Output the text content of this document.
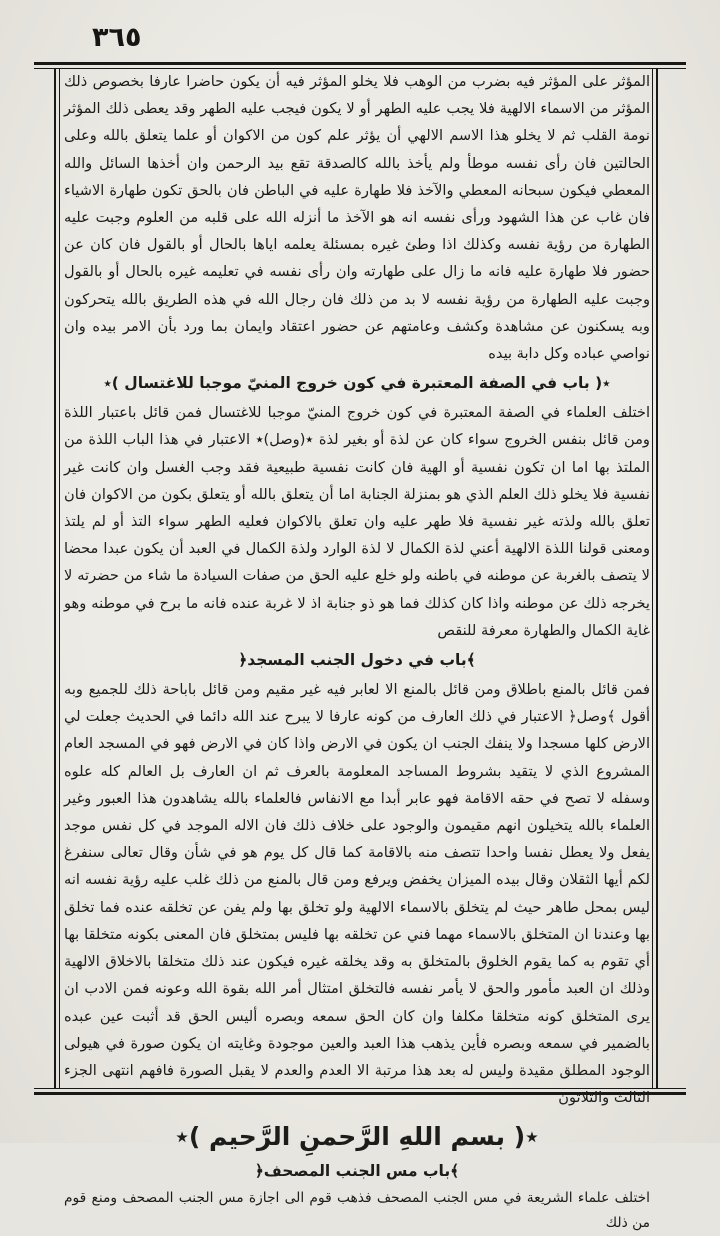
٣٦٥
المؤثر على المؤثر فيه بضرب من الوهب فلا يخلو المؤثر فيه أن يكون حاضرا عارفا بخصوص ذلك المؤثر من الاسماء الالهية فلا يجب عليه الطهر أو لا يكون فيجب عليه الطهر وقد يعطى ذلك المؤثر نومة القلب ثم لا يخلو هذا الاسم الالهي أن يؤثر علم كون من الاكوان أو علما يتعلق بالله وعلى الحالتين فان رأى نفسه موطأ ولم يأخذ بالله كالصدقة تقع بيد الرحمن وان أخذها السائل والله المعطي فيكون سبحانه المعطي والآخذ فلا طهارة عليه في الباطن فان بالحق تكون طهارة الاشياء فان غاب عن هذا الشهود ورأى نفسه انه هو الآخذ ما أنزله الله على قلبه من العلوم وجبت عليه الطهارة من رؤية نفسه وكذلك اذا وطئ غيره بمسئلة يعلمه اياها بالحال أو بالقول فان كان عن حضور فلا طهارة عليه فانه ما زال على طهارته وان رأى نفسه في تعليمه غيره بالحال أو بالقول وجبت عليه الطهارة من رؤية نفسه لا بد من ذلك فان رجال الله في هذه الطريق بالله يتحركون وبه يسكنون عن مشاهدة وكشف وعامتهم عن حضور اعتقاد وايمان بما ورد بأن الامر بيده وان نواصي عباده وكل دابة بيده
٭( باب في الصفة المعتبرة في كون خروج المنيّ موجبا للاغتسال )٭
اختلف العلماء في الصفة المعتبرة في كون خروج المنيّ موجبا للاغتسال فمن قائل باعتبار اللذة ومن قائل بنفس الخروج سواء كان عن لذة أو بغير لذة ٭(وصل)٭ الاعتبار في هذا الباب اللذة من الملتذ بها اما ان تكون نفسية أو الهية فان كانت نفسية طبيعية فقد وجب الغسل وان كانت غير نفسية فلا يخلو ذلك العلم الذي هو بمنزلة الجنابة اما أن يتعلق بالله أو يتعلق بكون من الاكوان فان تعلق بالله ولذته غير نفسية فلا طهر عليه وان تعلق بالاكوان فعليه الطهر سواء التذ أو لم يلتذ ومعنى قولنا اللذة الالهية أعني لذة الكمال لا لذة الوارد ولذة الكمال في العبد أن يكون عبدا محضا لا يتصف بالغربة عن موطنه في باطنه ولو خلع عليه الحق من صفات السيادة ما شاء من حضرته لا يخرجه ذلك عن موطنه واذا كان كذلك فما هو ذو جنابة اذ لا غربة عنده فانه ما برح في موطنه وهو غاية الكمال والطهارة معرفة للنقص
﴾باب في دخول الجنب المسجد﴿
فمن قائل بالمنع باطلاق ومن قائل بالمنع الا لعابر فيه غير مقيم ومن قائل باباحة ذلك للجميع وبه أقول ﴾وصل﴿ الاعتبار في ذلك العارف من كونه عارفا لا يبرح عند الله دائما في الحديث جعلت لي الارض كلها مسجدا ولا ينفك الجنب ان يكون في الارض واذا كان في الارض فهو في المسجد العام المشروع الذي لا يتقيد بشروط المساجد المعلومة بالعرف ثم ان العارف بل العالم كله علوه وسفله لا تصح في حقه الاقامة فهو عابر أبدا مع الانفاس فالعلماء بالله يشاهدون هذا العبور وغير العلماء بالله يتخيلون انهم مقيمون والوجود على خلاف ذلك فان الاله الموجد في كل نفس موجد يفعل ولا يعطل نفسا واحدا تتصف منه بالاقامة كما قال كل يوم هو في شأن وقال تعالى سنفرغ لكم أيها الثقلان وقال بيده الميزان يخفض ويرفع ومن قال بالمنع من ذلك غلب عليه رؤية نفسه انه ليس بمحل طاهر حيث لم يتخلق بالاسماء الالهية ولو تخلق بها ولم يفن عن تخلقه عنده فما تخلق بها وعندنا ان المتخلق بالاسماء مهما فني عن تخلقه بها فليس بمتخلق فان المعنى بكونه متخلقا بها أي تقوم به كما يقوم الخلوق بالمتخلق به وقد يخلقه غيره فيكون عند ذلك متخلقا بالاخلاق الالهية وذلك ان العبد مأمور والحق لا يأمر نفسه فالتخلق امتثال أمر الله بقوة الله وعونه فمن الادب ان يرى المتخلق كونه متخلقا مكلفا وان كان الحق سمعه وبصره أليس الحق قد أثبت عين عبده بالضمير في سمعه وبصره فأين يذهب هذا العبد والعين موجودة وغايته ان يكون صورة في هيولى الوجود المطلق مقيدة وليس له بعد هذا مرتبة الا العدم والعدم لا يقبل الصورة فافهم انتهى الجزء الثالث والثلاثون
٭( بسم اللهِ الرَّحمنِ الرَّحيم )٭
﴾باب مس الجنب المصحف﴿
اختلف علماء الشريعة في مس الجنب المصحف فذهب قوم الى اجازة مس الجنب المصحف ومنع قوم من ذلك
